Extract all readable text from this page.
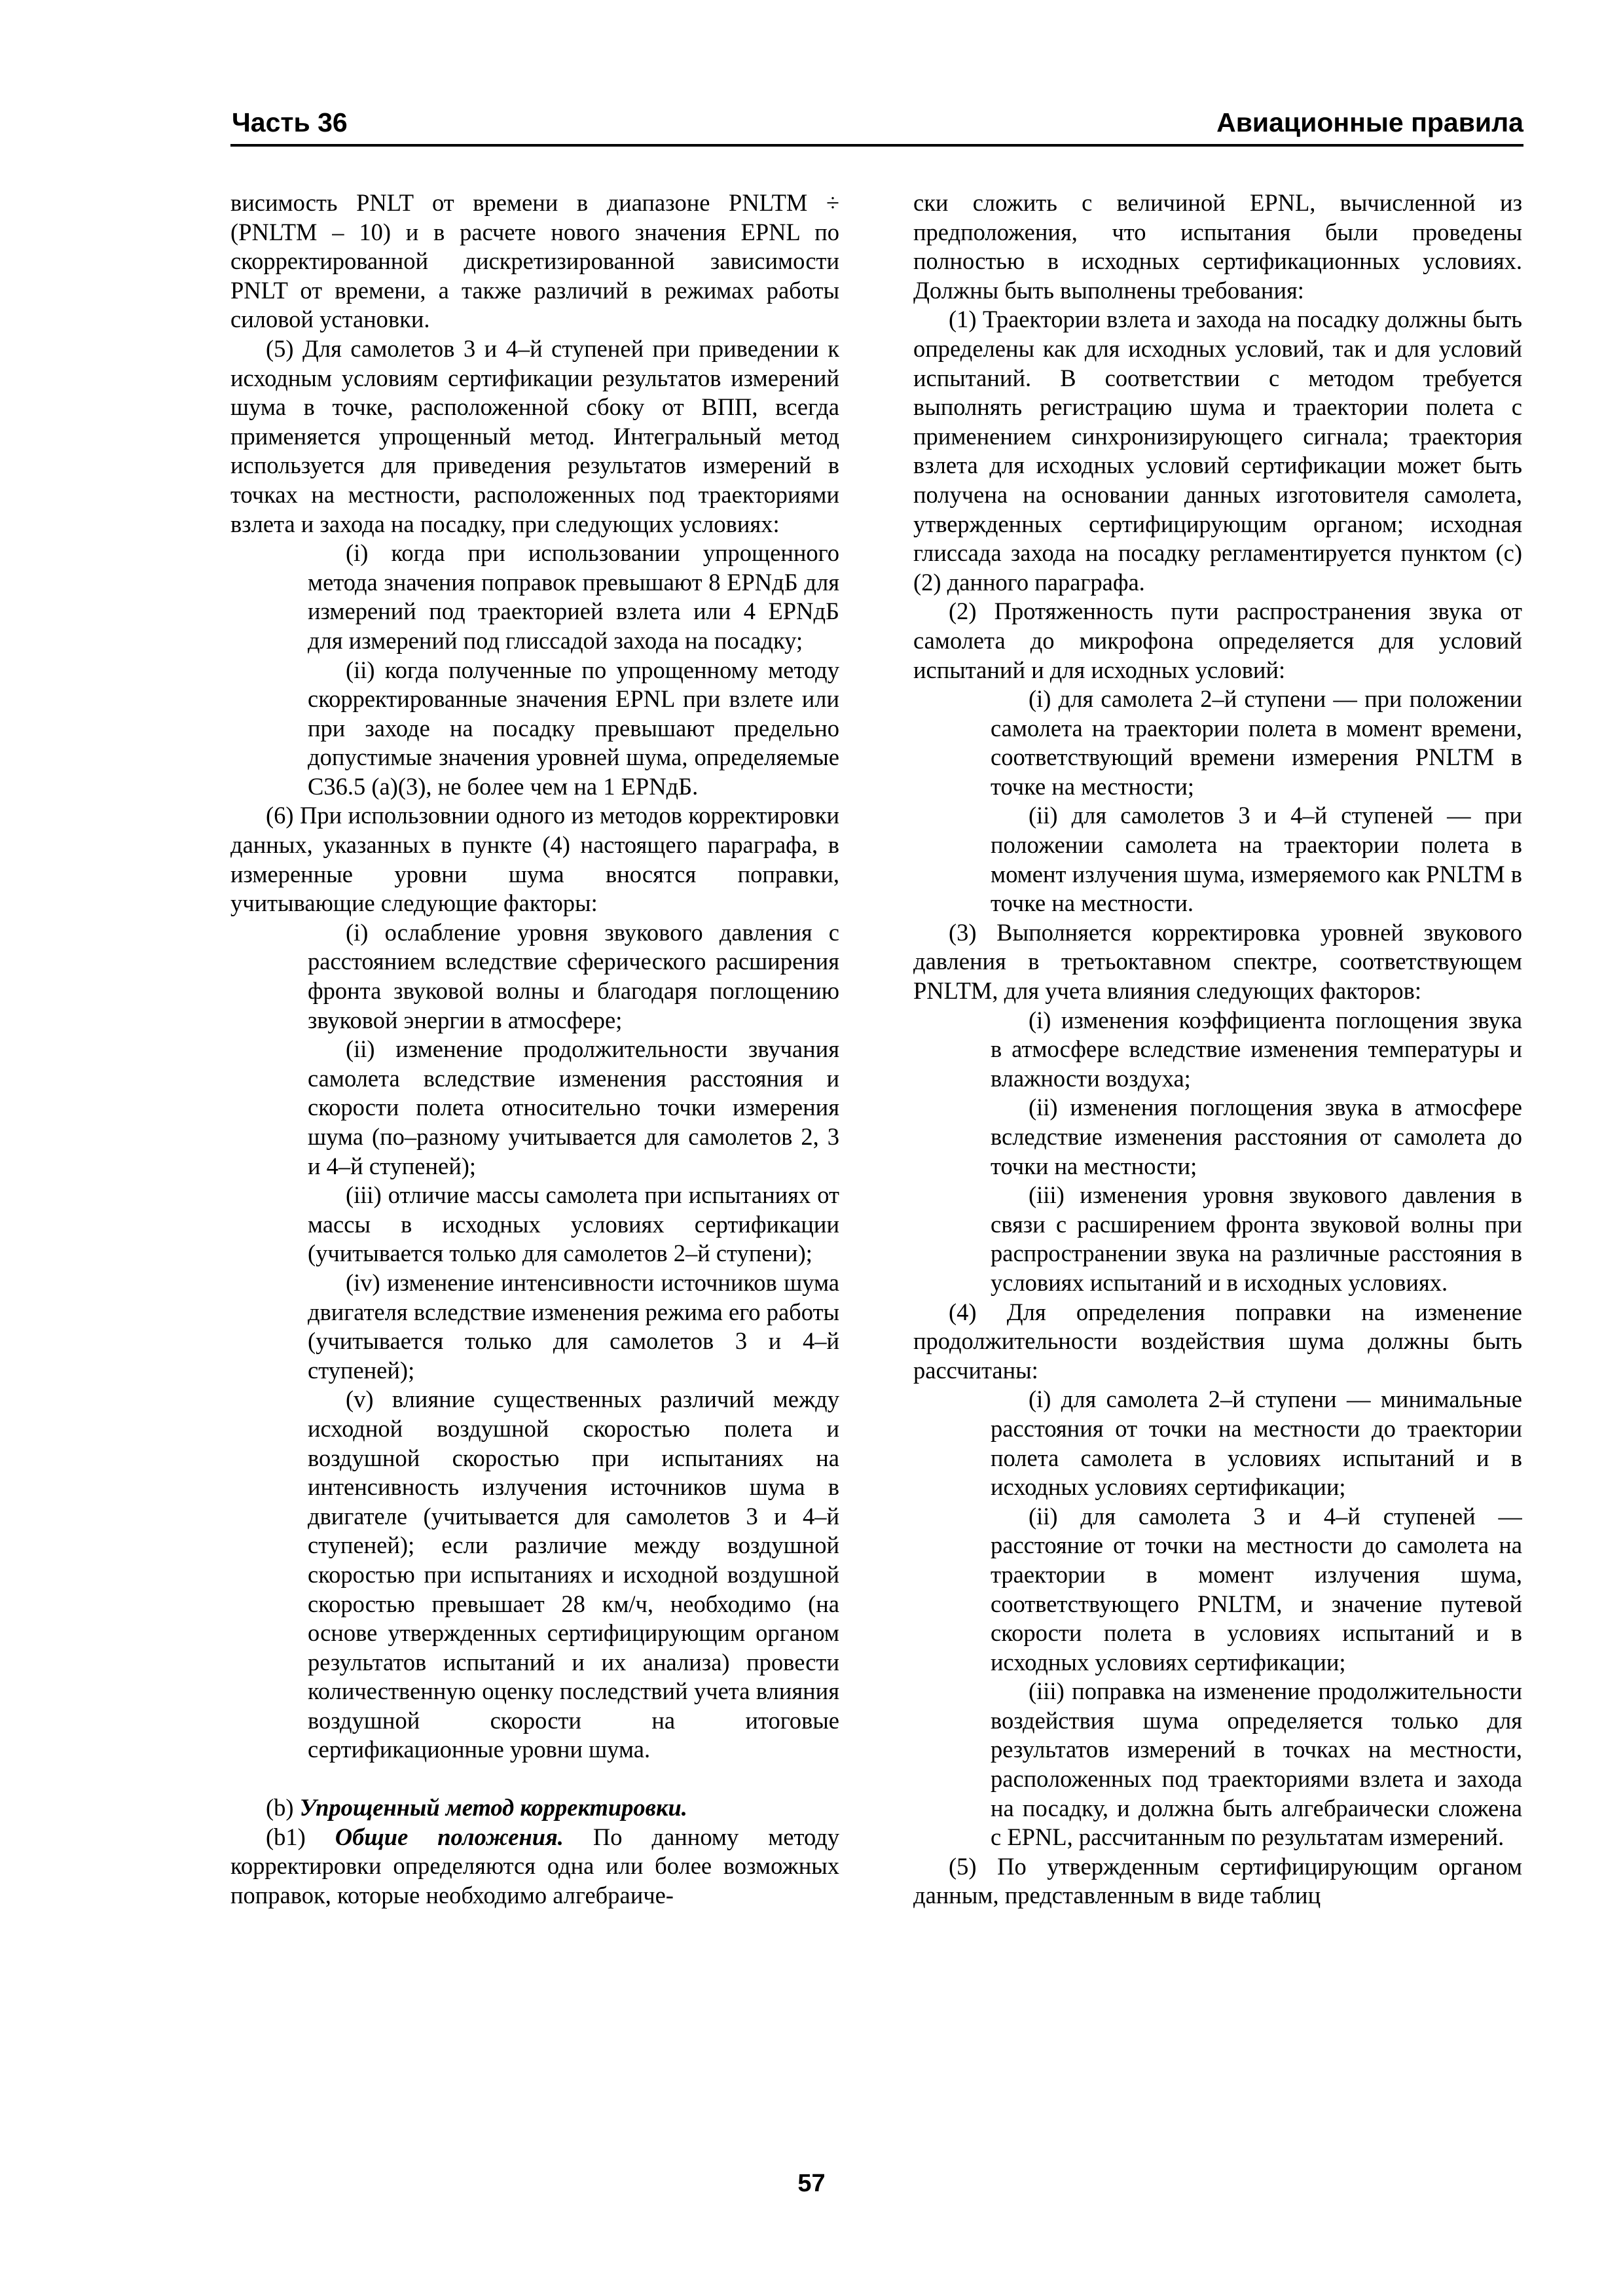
Часть 36	Авиационные правила

висимость PNLT от времени в диапазоне PNLTM ÷ (PNLTM – 10) и в расчете нового значения EPNL по скорректированной дискретизированной зависимости PNLT от времени, а также различий в режимах работы силовой установки.

(5) Для самолетов 3 и 4–й ступеней при приведении к исходным условиям сертификации результатов измерений шума в точке, расположенной сбоку от ВПП, всегда применяется упрощенный метод. Интегральный метод используется для приведения результатов измерений в точках на местности, расположенных под траекториями взлета и захода на посадку, при следующих условиях:

(i) когда при использовании упрощенного метода значения поправок превышают 8 EPNдБ для измерений под траекторией взлета или 4 EPNдБ для измерений под глиссадой захода на посадку;

(ii) когда полученные по упрощенному методу скорректированные значения EPNL при взлете или при заходе на посадку превышают предельно допустимые значения уровней шума, определяемые С36.5 (a)(3), не более чем на 1 EPNдБ.

(6) При использовнии одного из методов корректировки данных, указанных в пункте (4) настоящего параграфа, в измеренные уровни шума вносятся поправки, учитывающие следующие факторы:

(i) ослабление уровня звукового давления с расстоянием вследствие сферического расширения фронта звуковой волны и благодаря поглощению звуковой энергии в атмосфере;

(ii) изменение продолжительности звучания самолета вследствие изменения расстояния и скорости полета относительно точки измерения шума (по–разному учитывается для самолетов 2, 3 и 4–й ступеней);

(iii) отличие массы самолета при испытаниях от массы в исходных условиях сертификации (учитывается только для самолетов 2–й ступени);

(iv) изменение интенсивности источников шума двигателя вследствие изменения режима его работы (учитывается только для самолетов 3 и 4–й ступеней);

(v) влияние существенных различий между исходной воздушной скоростью полета и воздушной скоростью при испытаниях на интенсивность излучения источников шума в двигателе (учитывается для самолетов 3 и 4–й ступеней); если различие между воздушной скоростью при испытаниях и исходной воздушной скоростью превышает 28 км/ч, необходимо (на основе утвержденных сертифицирующим органом результатов испытаний и их анализа) провести количественную оценку последствий учета влияния воздушной скорости на итоговые сертификационные уровни шума.

(b) Упрощенный метод корректировки.

(b1) Общие положения. По данному методу корректировки определяются одна или более возможных поправок, которые необходимо алгебраиче-

ски сложить с величиной EPNL, вычисленной из предположения, что испытания были проведены полностью в исходных сертификационных условиях. Должны быть выполнены требования:

(1) Траектории взлета и захода на посадку должны быть определены как для исходных условий, так и для условий испытаний. В соответствии с методом требуется выполнять регистрацию шума и траектории полета с применением синхронизирующего сигнала; траектория взлета для исходных условий сертификации может быть получена на основании данных изготовителя самолета, утвержденных сертифицирующим органом; исходная глиссада захода на посадку регламентируется пунктом (с)(2) данного параграфа.

(2) Протяженность пути распространения звука от самолета до микрофона определяется для условий испытаний и для исходных условий:

(i) для самолета 2–й ступени — при положении самолета на траектории полета в момент времени, соответствующий времени измерения PNLTM в точке на местности;

(ii) для самолетов 3 и 4–й ступеней — при положении самолета на траектории полета в момент излучения шума, измеряемого как PNLTM в точке на местности.

(3) Выполняется корректировка уровней звукового давления в третьоктавном спектре, соответствующем PNLTM, для учета влияния следующих факторов:

(i) изменения коэффициента поглощения звука в атмосфере вследствие изменения температуры и влажности воздуха;

(ii) изменения поглощения звука в атмосфере вследствие изменения расстояния от самолета до точки на местности;

(iii) изменения уровня звукового давления в связи с расширением фронта звуковой волны при распространении звука на различные расстояния в условиях испытаний и в исходных условиях.

(4) Для определения поправки на изменение продолжительности воздействия шума должны быть рассчитаны:

(i) для самолета 2–й ступени — минимальные расстояния от точки на местности до траектории полета самолета в условиях испытаний и в исходных условиях сертификации;

(ii) для самолета 3 и 4–й ступеней — расстояние от точки на местности до самолета на траектории в момент излучения шума, соответствующего PNLTM, и значение путевой скорости полета в условиях испытаний и в исходных условиях сертификации;

(iii) поправка на изменение продолжительности воздействия шума определяется только для результатов измерений в точках на местности, расположенных под траекториями взлета и захода на посадку, и должна быть алгебраически сложена с EPNL, рассчитанным по результатам измерений.

(5) По утвержденным сертифицирующим органом данным, представленным в виде таблиц

57
